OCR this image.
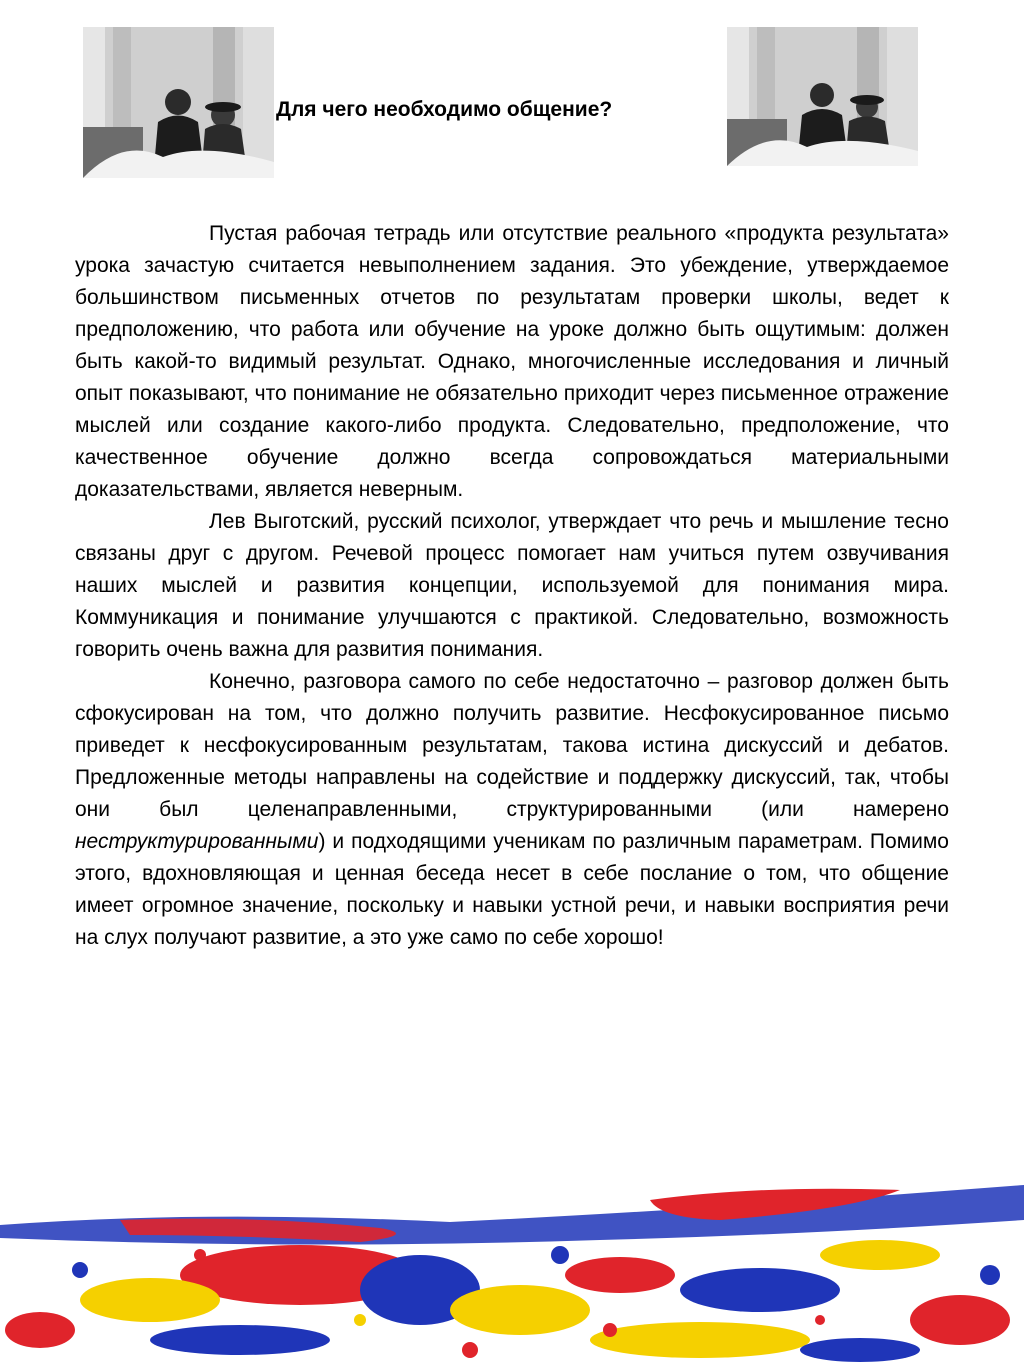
Для чего необходимо общение?

Пустая рабочая тетрадь или отсутствие реального «продукта результата» урока зачастую считается невыполнением задания. Это убеждение, утверждаемое большинством письменных отчетов по результатам проверки школы, ведет к предположению, что работа или обучение на уроке должно быть ощутимым: должен быть какой-то видимый результат. Однако, многочисленные исследования и личный опыт показывают, что понимание не обязательно приходит через письменное отражение мыслей или создание какого-либо продукта. Следовательно, предположение, что качественное обучение должно всегда сопровождаться материальными доказательствами, является неверным.

Лев Выготский, русский психолог, утверждает что речь и мышление тесно связаны друг с другом. Речевой процесс помогает нам учиться путем озвучивания наших мыслей и развития концепции, используемой для понимания мира. Коммуникация и понимание улучшаются с практикой. Следовательно, возможность говорить очень важна для развития понимания.

Конечно, разговора самого по себе недостаточно – разговор должен быть сфокусирован на том, что должно получить развитие. Несфокусированное письмо приведет к несфокусированным результатам, такова истина дискуссий и дебатов. Предложенные методы направлены на содействие и поддержку дискуссий, так, чтобы они был целенаправленными, структурированными (или намерено неструктурированными) и подходящими ученикам по различным параметрам. Помимо этого, вдохновляющая и ценная беседа несет в себе послание о том, что общение имеет огромное значение, поскольку и навыки устной речи, и навыки восприятия речи на слух получают развитие, а это уже само по себе хорошо!
